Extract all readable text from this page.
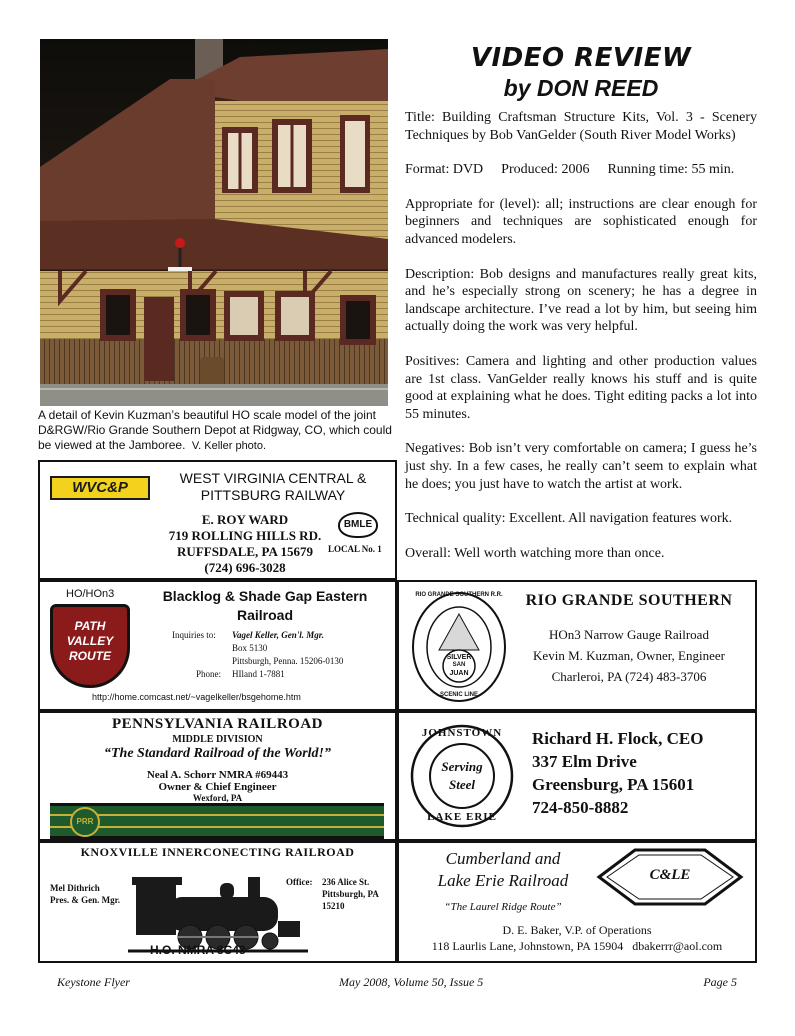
A detail of Kevin Kuzman’s beautiful HO scale model of the joint D&RGW/Rio Grande Southern Depot at Ridgway, CO, which could be viewed at the Jamboree. V. Keller photo.
VIDEO REVIEW
by DON REED

Title: Building Craftsman Structure Kits, Vol. 3 - Scenery Techniques by Bob VanGelder (South River Model Works)

Format: DVD Produced: 2006 Running time: 55 min.

Appropriate for (level): all; instructions are clear enough for beginners and techniques are sophisticated enough for advanced modelers.

Description: Bob designs and manufactures really great kits, and he’s especially strong on scenery; he has a degree in landscape architecture. I’ve read a lot by him, but seeing him actually doing the work was very helpful.

Positives: Camera and lighting and other production values are 1st class. VanGelder really knows his stuff and is quite good at explaining what he does. Tight editing packs a lot into 55 minutes.

Negatives: Bob isn’t very comfortable on camera; I guess he’s just shy. In a few cases, he really can’t seem to explain what he does; you just have to watch the artist at work.

Technical quality: Excellent. All navigation features work.

Overall: Well worth watching more than once.

WVC&P
WEST VIRGINIA CENTRAL &
PITTSBURG RAILWAY
E. ROY WARD
719 ROLLING HILLS RD.
RUFFSDALE, PA 15679
(724) 696-3028
BMLE
LOCAL No. 1
HO/HOn3
PATH
VALLEY
ROUTE
Blacklog & Shade Gap Eastern
Railroad
Inquiries to: Vagel Keller, Gen'l. Mgr.
Box 5130
Pittsburgh, Penna. 15206-0130
Phone: HIland 1-7881
http://home.comcast.net/~vagelkeller/bsgehome.htm
RIO GRANDE SOUTHERN R.R.
SCENIC LINE
SILVER
SAN
JUAN
RIO GRANDE SOUTHERN
HOn3 Narrow Gauge Railroad
Kevin M. Kuzman, Owner, Engineer
Charleroi, PA (724) 483-3706
PENNSYLVANIA RAILROAD
MIDDLE DIVISION
“The Standard Railroad of the World!”
Neal A. Schorr NMRA #69443
Owner & Chief Engineer
Wexford, PA
PRR
JOHNSTOWN
LAKE ERIE
Serving
Steel
Richard H. Flock, CEO
337 Elm Drive
Greensburg, PA 15601
724-850-8882
KNOXVILLE INNERCONECTING RAILROAD
Mel Dithrich
Pres. & Gen. Mgr.
Office: 236 Alice St.
Pittsburgh, PA
15210
H.O. NMRA 8C48
Cumberland and
Lake Erie Railroad	C&LE
“The Laurel Ridge Route”
D. E. Baker, V.P. of Operations
118 Laurlis Lane, Johnstown, PA 15904 dbakerrr@aol.com
Keystone Flyer	May 2008, Volume 50, Issue 5	Page 5
